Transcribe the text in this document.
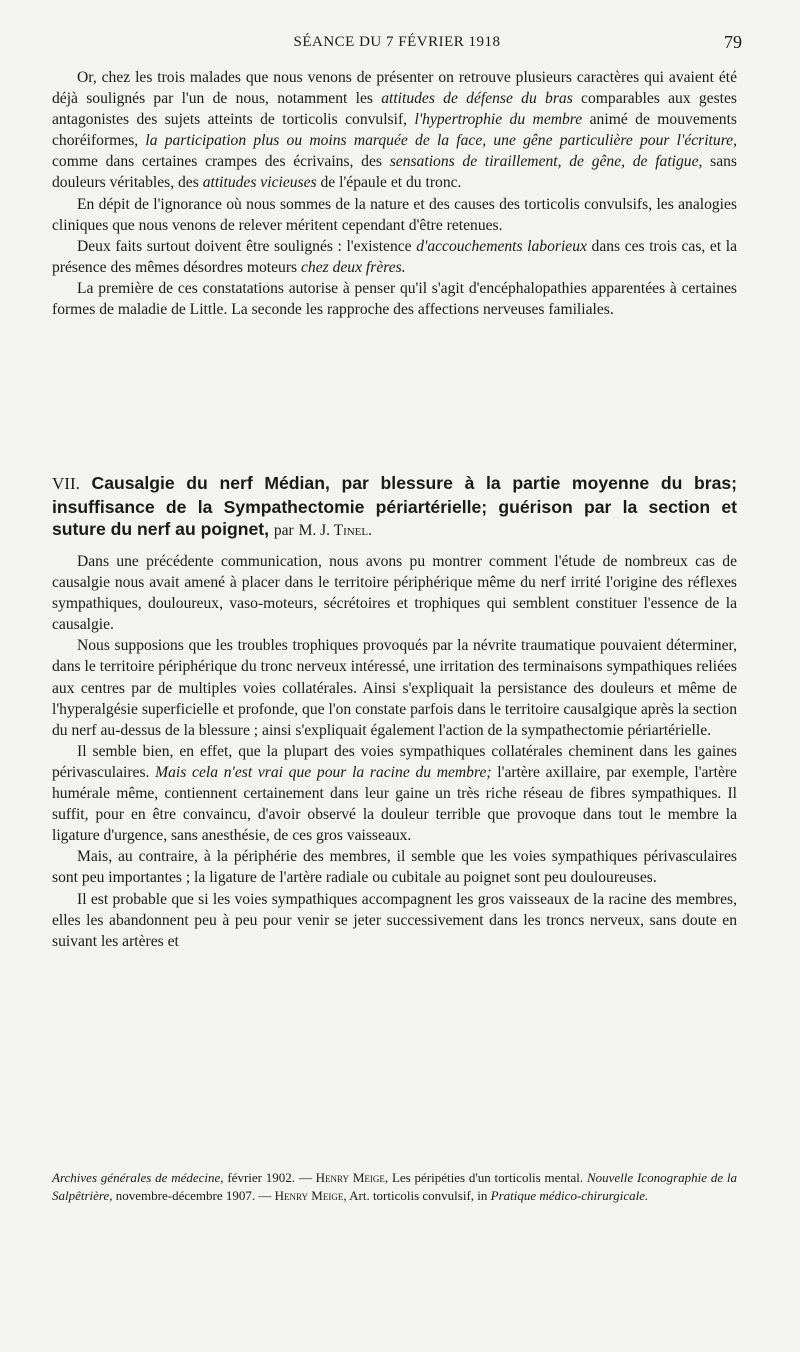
SÉANCE DU 7 FÉVRIER 1918	79

Or, chez les trois malades que nous venons de présenter on retrouve plusieurs caractères qui avaient été déjà soulignés par l'un de nous, notamment les attitudes de défense du bras comparables aux gestes antagonistes des sujets atteints de torticolis convulsif, l'hypertrophie du membre animé de mouvements choréiformes, la participation plus ou moins marquée de la face, une gêne particulière pour l'écriture, comme dans certaines crampes des écrivains, des sensations de tiraillement, de gêne, de fatigue, sans douleurs véritables, des attitudes vicieuses de l'épaule et du tronc.

En dépit de l'ignorance où nous sommes de la nature et des causes des torticolis convulsifs, les analogies cliniques que nous venons de relever méritent cependant d'être retenues.

Deux faits surtout doivent être soulignés : l'existence d'accouchements laborieux dans ces trois cas, et la présence des mêmes désordres moteurs chez deux frères.

La première de ces constatations autorise à penser qu'il s'agit d'encéphalopathies apparentées à certaines formes de maladie de Little. La seconde les rapproche des affections nerveuses familiales.

VII. Causalgie du nerf Médian, par blessure à la partie moyenne du bras; insuffisance de la Sympathectomie périartérielle; guérison par la section et suture du nerf au poignet, par M. J. Tinel.

Dans une précédente communication, nous avons pu montrer comment l'étude de nombreux cas de causalgie nous avait amené à placer dans le territoire périphérique même du nerf irrité l'origine des réflexes sympathiques, douloureux, vaso-moteurs, sécrétoires et trophiques qui semblent constituer l'essence de la causalgie.

Nous supposions que les troubles trophiques provoqués par la névrite traumatique pouvaient déterminer, dans le territoire périphérique du tronc nerveux intéressé, une irritation des terminaisons sympathiques reliées aux centres par de multiples voies collatérales. Ainsi s'expliquait la persistance des douleurs et même de l'hyperalgésie superficielle et profonde, que l'on constate parfois dans le territoire causalgique après la section du nerf au-dessus de la blessure ; ainsi s'expliquait également l'action de la sympathectomie périartérielle.

Il semble bien, en effet, que la plupart des voies sympathiques collatérales cheminent dans les gaines périvasculaires. Mais cela n'est vrai que pour la racine du membre; l'artère axillaire, par exemple, l'artère humérale même, contiennent certainement dans leur gaine un très riche réseau de fibres sympathiques. Il suffit, pour en être convaincu, d'avoir observé la douleur terrible que provoque dans tout le membre la ligature d'urgence, sans anesthésie, de ces gros vaisseaux.

Mais, au contraire, à la périphérie des membres, il semble que les voies sympathiques périvasculaires sont peu importantes ; la ligature de l'artère radiale ou cubitale au poignet sont peu douloureuses.

Il est probable que si les voies sympathiques accompagnent les gros vaisseaux de la racine des membres, elles les abandonnent peu à peu pour venir se jeter successivement dans les troncs nerveux, sans doute en suivant les artères et

Archives générales de médecine, février 1902. — Henry Meige, Les péripéties d'un torticolis mental. Nouvelle Iconographie de la Salpêtrière, novembre-décembre 1907. — Henry Meige, Art. torticolis convulsif, in Pratique médico-chirurgicale.
